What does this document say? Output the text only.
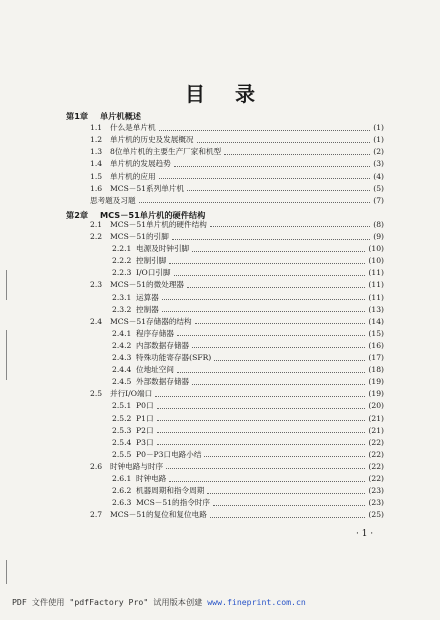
目录
第1章	单片机概述
1.1	什么是单片机	(1)
1.2	单片机的历史及发展概况	(1)
1.3	8位单片机的主要生产厂家和机型	(2)
1.4	单片机的发展趋势	(3)
1.5	单片机的应用	(4)
1.6	MCS－51系列单片机	(5)
思考题及习题	(7)
第2章	MCS－51单片机的硬件结构
2.1	MCS－51单片机的硬件结构	(8)
2.2	MCS－51的引脚	(9)
2.2.1 电源及时钟引脚	(10)
2.2.2 控制引脚	(10)
2.2.3 I/O口引脚	(11)
2.3	MCS－51的微处理器	(11)
2.3.1 运算器	(11)
2.3.2 控制器	(13)
2.4	MCS－51存储器的结构	(14)
2.4.1 程序存储器	(15)
2.4.2 内部数据存储器	(16)
2.4.3 特殊功能寄存器(SFR)	(17)
2.4.4 位地址空间	(18)
2.4.5 外部数据存储器	(19)
2.5	并行I/O端口	(19)
2.5.1 P0口	(20)
2.5.2 P1口	(21)
2.5.3 P2口	(21)
2.5.4 P3口	(22)
2.5.5 P0－P3口电路小结	(22)
2.6	时钟电路与时序	(22)
2.6.1 时钟电路	(22)
2.6.2 机器周期和指令周期	(23)
2.6.3 MCS－51的指令时序	(23)
2.7	MCS－51的复位和复位电路	(25)
· 1 ·
PDF 文件使用 "pdfFactory Pro" 试用版本创建 www.fineprint.com.cn
